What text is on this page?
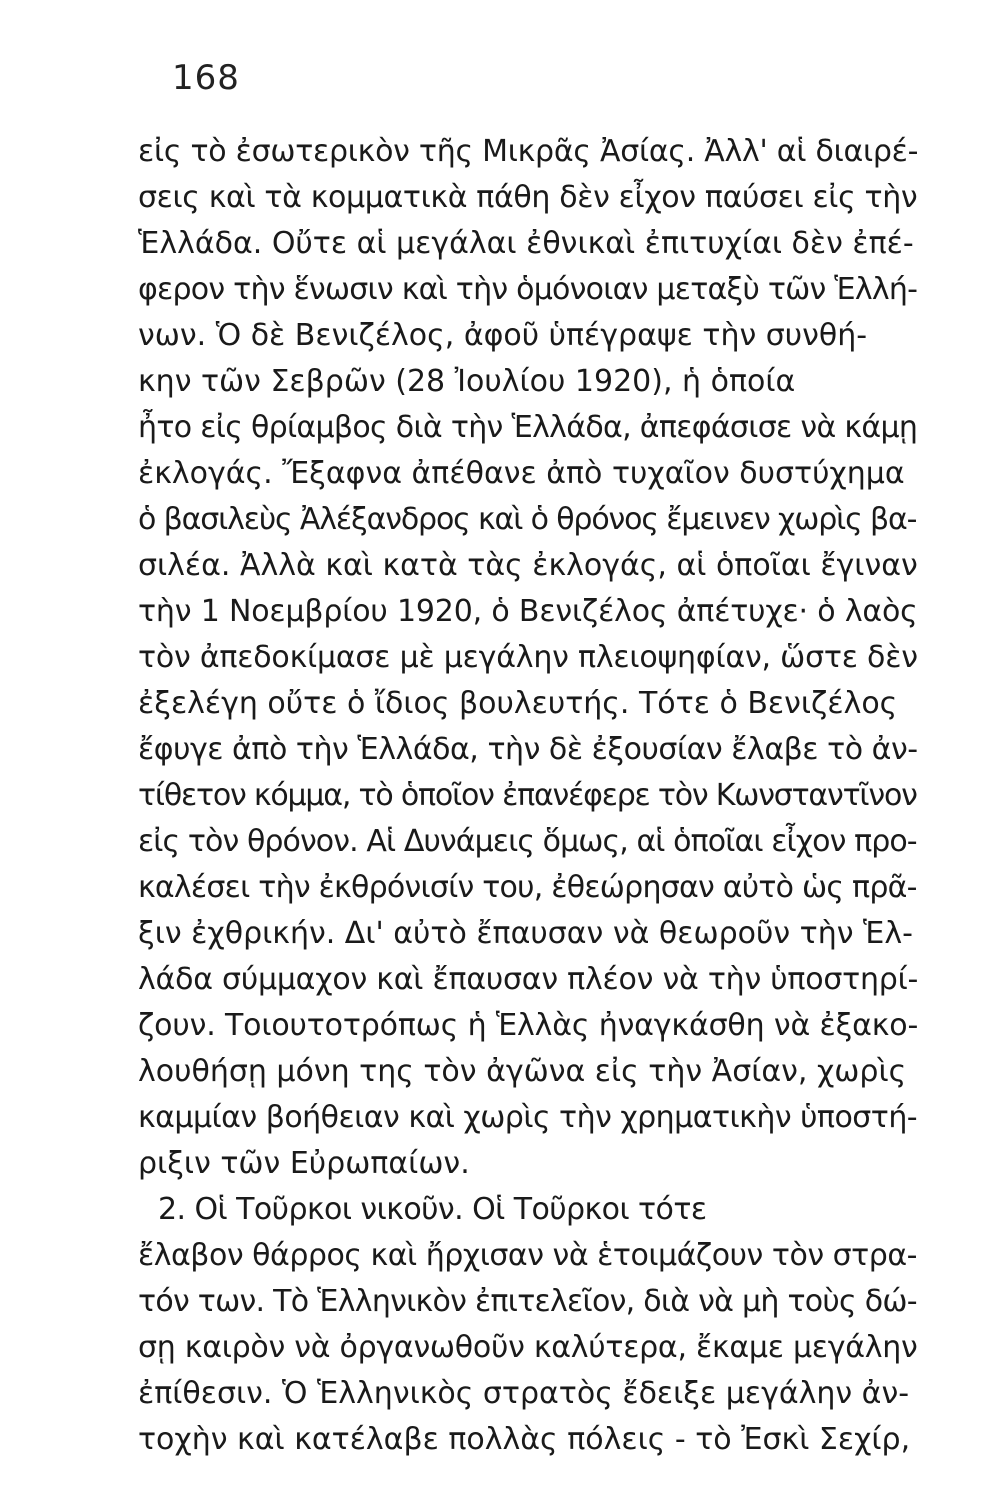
168
εἰς τὸ ἐσωτερικὸν τῆς Μικρᾶς Ἀσίας. Ἀλλ' αἱ διαιρέ-
σεις καὶ τὰ κομματικὰ πάθη δὲν εἶχον παύσει εἰς τὴν
Ἑλλάδα. Οὔτε αἱ μεγάλαι ἐθνικαὶ ἐπιτυχίαι δὲν ἐπέ-
φερον τὴν ἕνωσιν καὶ τὴν ὁμόνοιαν μεταξὺ τῶν Ἑλλή-
νων. Ὁ δὲ Βενιζέλος, ἀφοῦ ὑπέγραψε τὴν συνθή-
κην τῶν Σεβρῶν (28 Ἰουλίου 1920), ἡ ὁποία
ἦτο εἰς θρίαμβος διὰ τὴν Ἑλλάδα, ἀπεφάσισε νὰ κάμῃ
ἐκλογάς. Ἔξαφνα ἀπέθανε ἀπὸ τυχαῖον δυστύχημα
ὁ βασιλεὺς Ἀλέξανδρος καὶ ὁ θρόνος ἔμεινεν χωρὶς βα-
σιλέα. Ἀλλὰ καὶ κατὰ τὰς ἐκλογάς, αἱ ὁποῖαι ἔγιναν
τὴν 1 Νοεμβρίου 1920, ὁ Βενιζέλος ἀπέτυχε· ὁ λαὸς
τὸν ἀπεδοκίμασε μὲ μεγάλην πλειοψηφίαν, ὥστε δὲν
ἐξελέγη οὔτε ὁ ἴδιος βουλευτής. Τότε ὁ Βενιζέλος
ἔφυγε ἀπὸ τὴν Ἑλλάδα, τὴν δὲ ἐξουσίαν ἔλαβε τὸ ἀν-
τίθετον κόμμα, τὸ ὁποῖον ἐπανέφερε τὸν Κωνσταντῖνον
εἰς τὸν θρόνον. Αἱ Δυνάμεις ὅμως, αἱ ὁποῖαι εἶχον προ-
καλέσει τὴν ἐκθρόνισίν του, ἐθεώρησαν αὐτὸ ὡς πρᾶ-
ξιν ἐχθρικήν. Δι' αὐτὸ ἔπαυσαν νὰ θεωροῦν τὴν Ἑλ-
λάδα σύμμαχον καὶ ἔπαυσαν πλέον νὰ τὴν ὑποστηρί-
ζουν. Τοιουτοτρόπως ἡ Ἑλλὰς ἠναγκάσθη νὰ ἐξακο-
λουθήσῃ μόνη της τὸν ἀγῶνα εἰς τὴν Ἀσίαν, χωρὶς
καμμίαν βοήθειαν καὶ χωρὶς τὴν χρηματικὴν ὑποστή-
ριξιν τῶν Εὐρωπαίων.
2. Οἱ Τοῦρκοι νικοῦν. Οἱ Τοῦρκοι τότε
ἔλαβον θάρρος καὶ ἤρχισαν νὰ ἑτοιμάζουν τὸν στρα-
τόν των. Τὸ Ἑλληνικὸν ἐπιτελεῖον, διὰ νὰ μὴ τοὺς δώ-
σῃ καιρὸν νὰ ὀργανωθοῦν καλύτερα, ἔκαμε μεγάλην
ἐπίθεσιν. Ὁ Ἑλληνικὸς στρατὸς ἔδειξε μεγάλην ἀν-
τοχὴν καὶ κατέλαβε πολλὰς πόλεις - τὸ Ἐσκὶ Σεχίρ,
